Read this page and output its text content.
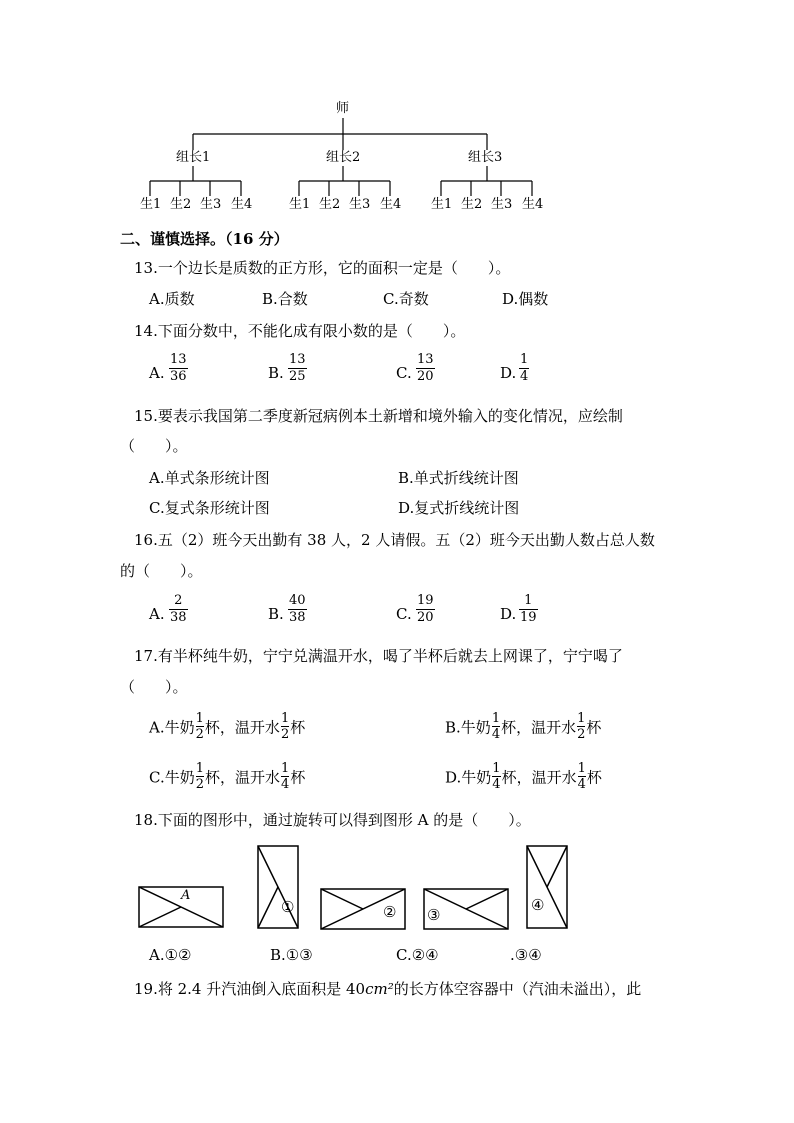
师
组长1	组长2	组长3
生1 生2 生3 生4	生1 生2 生3 生4 生1 生2 生3 生4
二、谨慎选择。（16 分）
13.一个边长是质数的正方形，它的面积一定是（　　）。
A.质数	B.合数	C.奇数	D.偶数
14.下面分数中，不能化成有限小数的是（　　）。
A.
13
36	B.
13
25	C.
13
20	D.
1
4
15.要表示我国第二季度新冠病例本土新增和境外输入的变化情况，应绘制
（　　）。
A.单式条形统计图	B.单式折线统计图
C.复式条形统计图	D.复式折线统计图
16.五（2）班今天出勤有 38 人，2 人请假。五（2）班今天出勤人数占总人数
的（　　）。
A.
2
38	B.
40
38	C.
19
20	D.
1
19
17.有半杯纯牛奶，宁宁兑满温开水，喝了半杯后就去上网课了，宁宁喝了
（　　）。
A.牛奶 $\frac{1}{2}$ 杯，温开水 $\frac{1}{2}$ 杯	B.牛奶 $\frac{1}{4}$ 杯，温开水 $\frac{1}{2}$ 杯
C.牛奶 $\frac{1}{2}$ 杯，温开水 $\frac{1}{4}$ 杯	D.牛奶 $\frac{1}{4}$ 杯，温开水 $\frac{1}{4}$ 杯
18.下面的图形中，通过旋转可以得到图形 A 的是（　　）。
A
①	② ③
④
A.①②	B.①③	C.②④	.③④
19.将 2.4 升汽油倒入底面积是 40cm²的长方体空容器中（汽油未溢出），此
